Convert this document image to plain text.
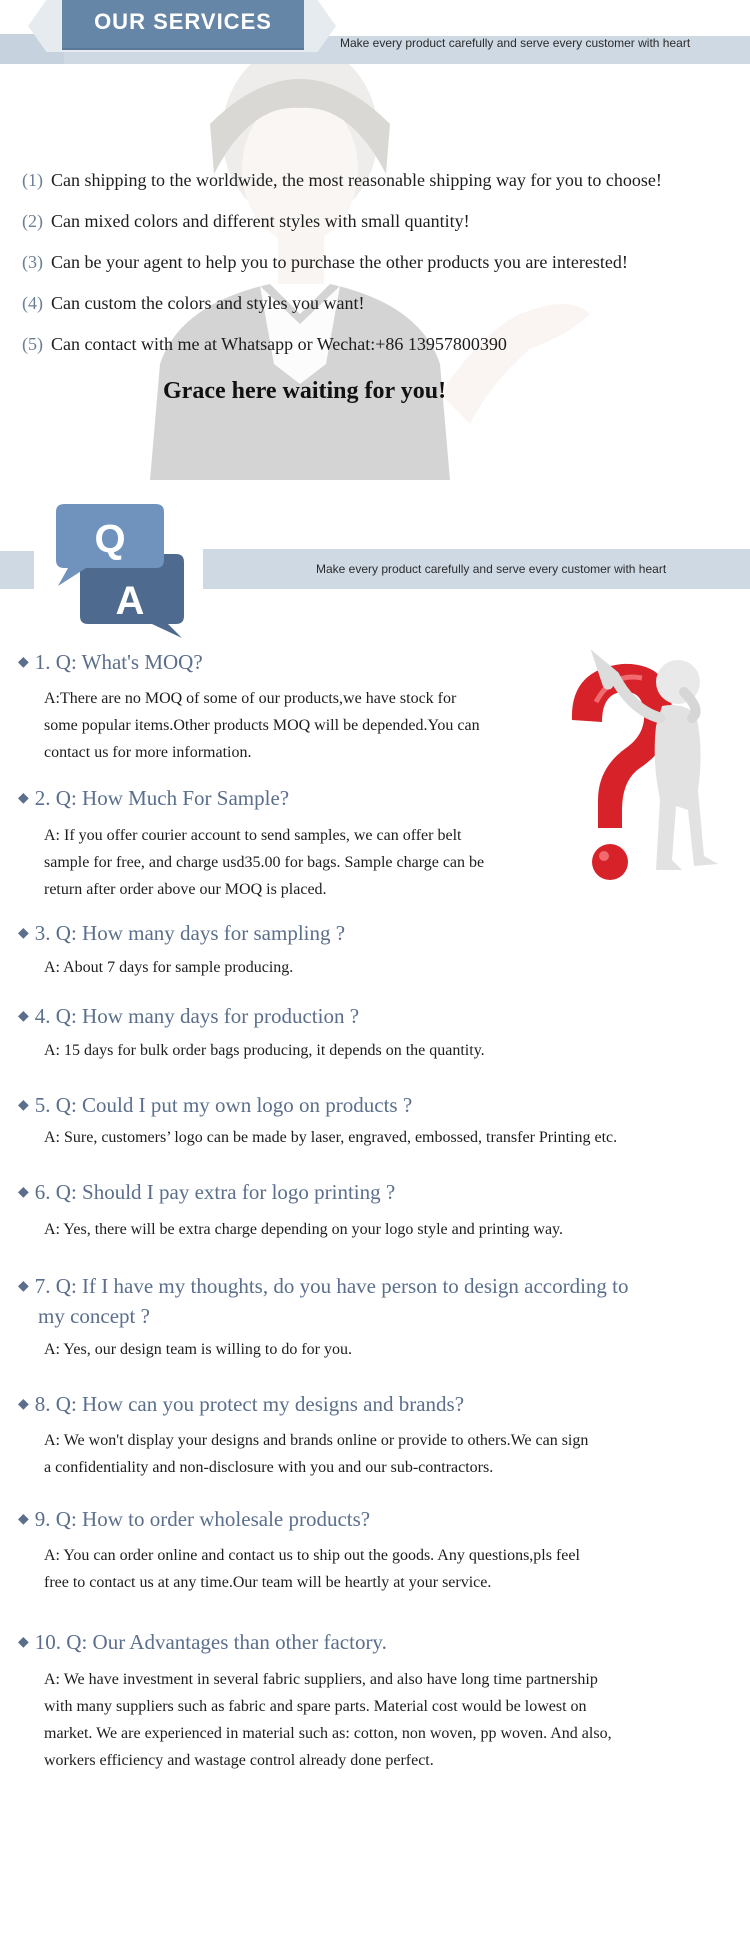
OUR SERVICES
Make every product carefully and serve every customer with heart
(1) Can shipping to the worldwide, the most reasonable shipping way for you to choose!
(2) Can mixed colors and different styles with small quantity!
(3) Can be your agent to help you to purchase the other products you are interested!
(4) Can custom the colors and styles you want!
(5) Can contact with me at Whatsapp or Wechat:+86 13957800390
Grace here waiting for you!
Make every product carefully and serve every customer with heart
Q
A
◆ 1. Q: What's MOQ?
A:There are no MOQ of some of our products,we have stock for
some popular items.Other products MOQ will be depended.You can
contact us for more information.
◆ 2. Q: How Much For Sample?
A: If you offer courier account to send samples, we can offer belt
sample for free, and charge usd35.00 for bags. Sample charge can be
return after order above our MOQ is placed.
◆ 3. Q: How many days for sampling ?
A: About 7 days for sample producing.
◆ 4. Q: How many days for production ?
A: 15 days for bulk order bags producing, it depends on the quantity.
◆ 5. Q: Could I put my own logo on products ?
A: Sure, customers’ logo can be made by laser, engraved, embossed, transfer Printing etc.
◆ 6. Q: Should I pay extra for logo printing ?
A: Yes, there will be extra charge depending on your logo style and printing way.
◆ 7. Q: If I have my thoughts, do you have person to design according to
my concept ?
A: Yes, our design team is willing to do for you.
◆ 8. Q: How can you protect my designs and brands?
A: We won't display your designs and brands online or provide to others.We can sign
a confidentiality and non-disclosure with you and our sub-contractors.
◆ 9. Q: How to order wholesale products?
A: You can order online and contact us to ship out the goods. Any questions,pls feel
free to contact us at any time.Our team will be heartly at your service.
◆ 10. Q: Our Advantages than other factory.
A: We have investment in several fabric suppliers, and also have long time partnership
with many suppliers such as fabric and spare parts. Material cost would be lowest on
market. We are experienced in material such as: cotton, non woven, pp woven. And also,
workers efficiency and wastage control already done perfect.
